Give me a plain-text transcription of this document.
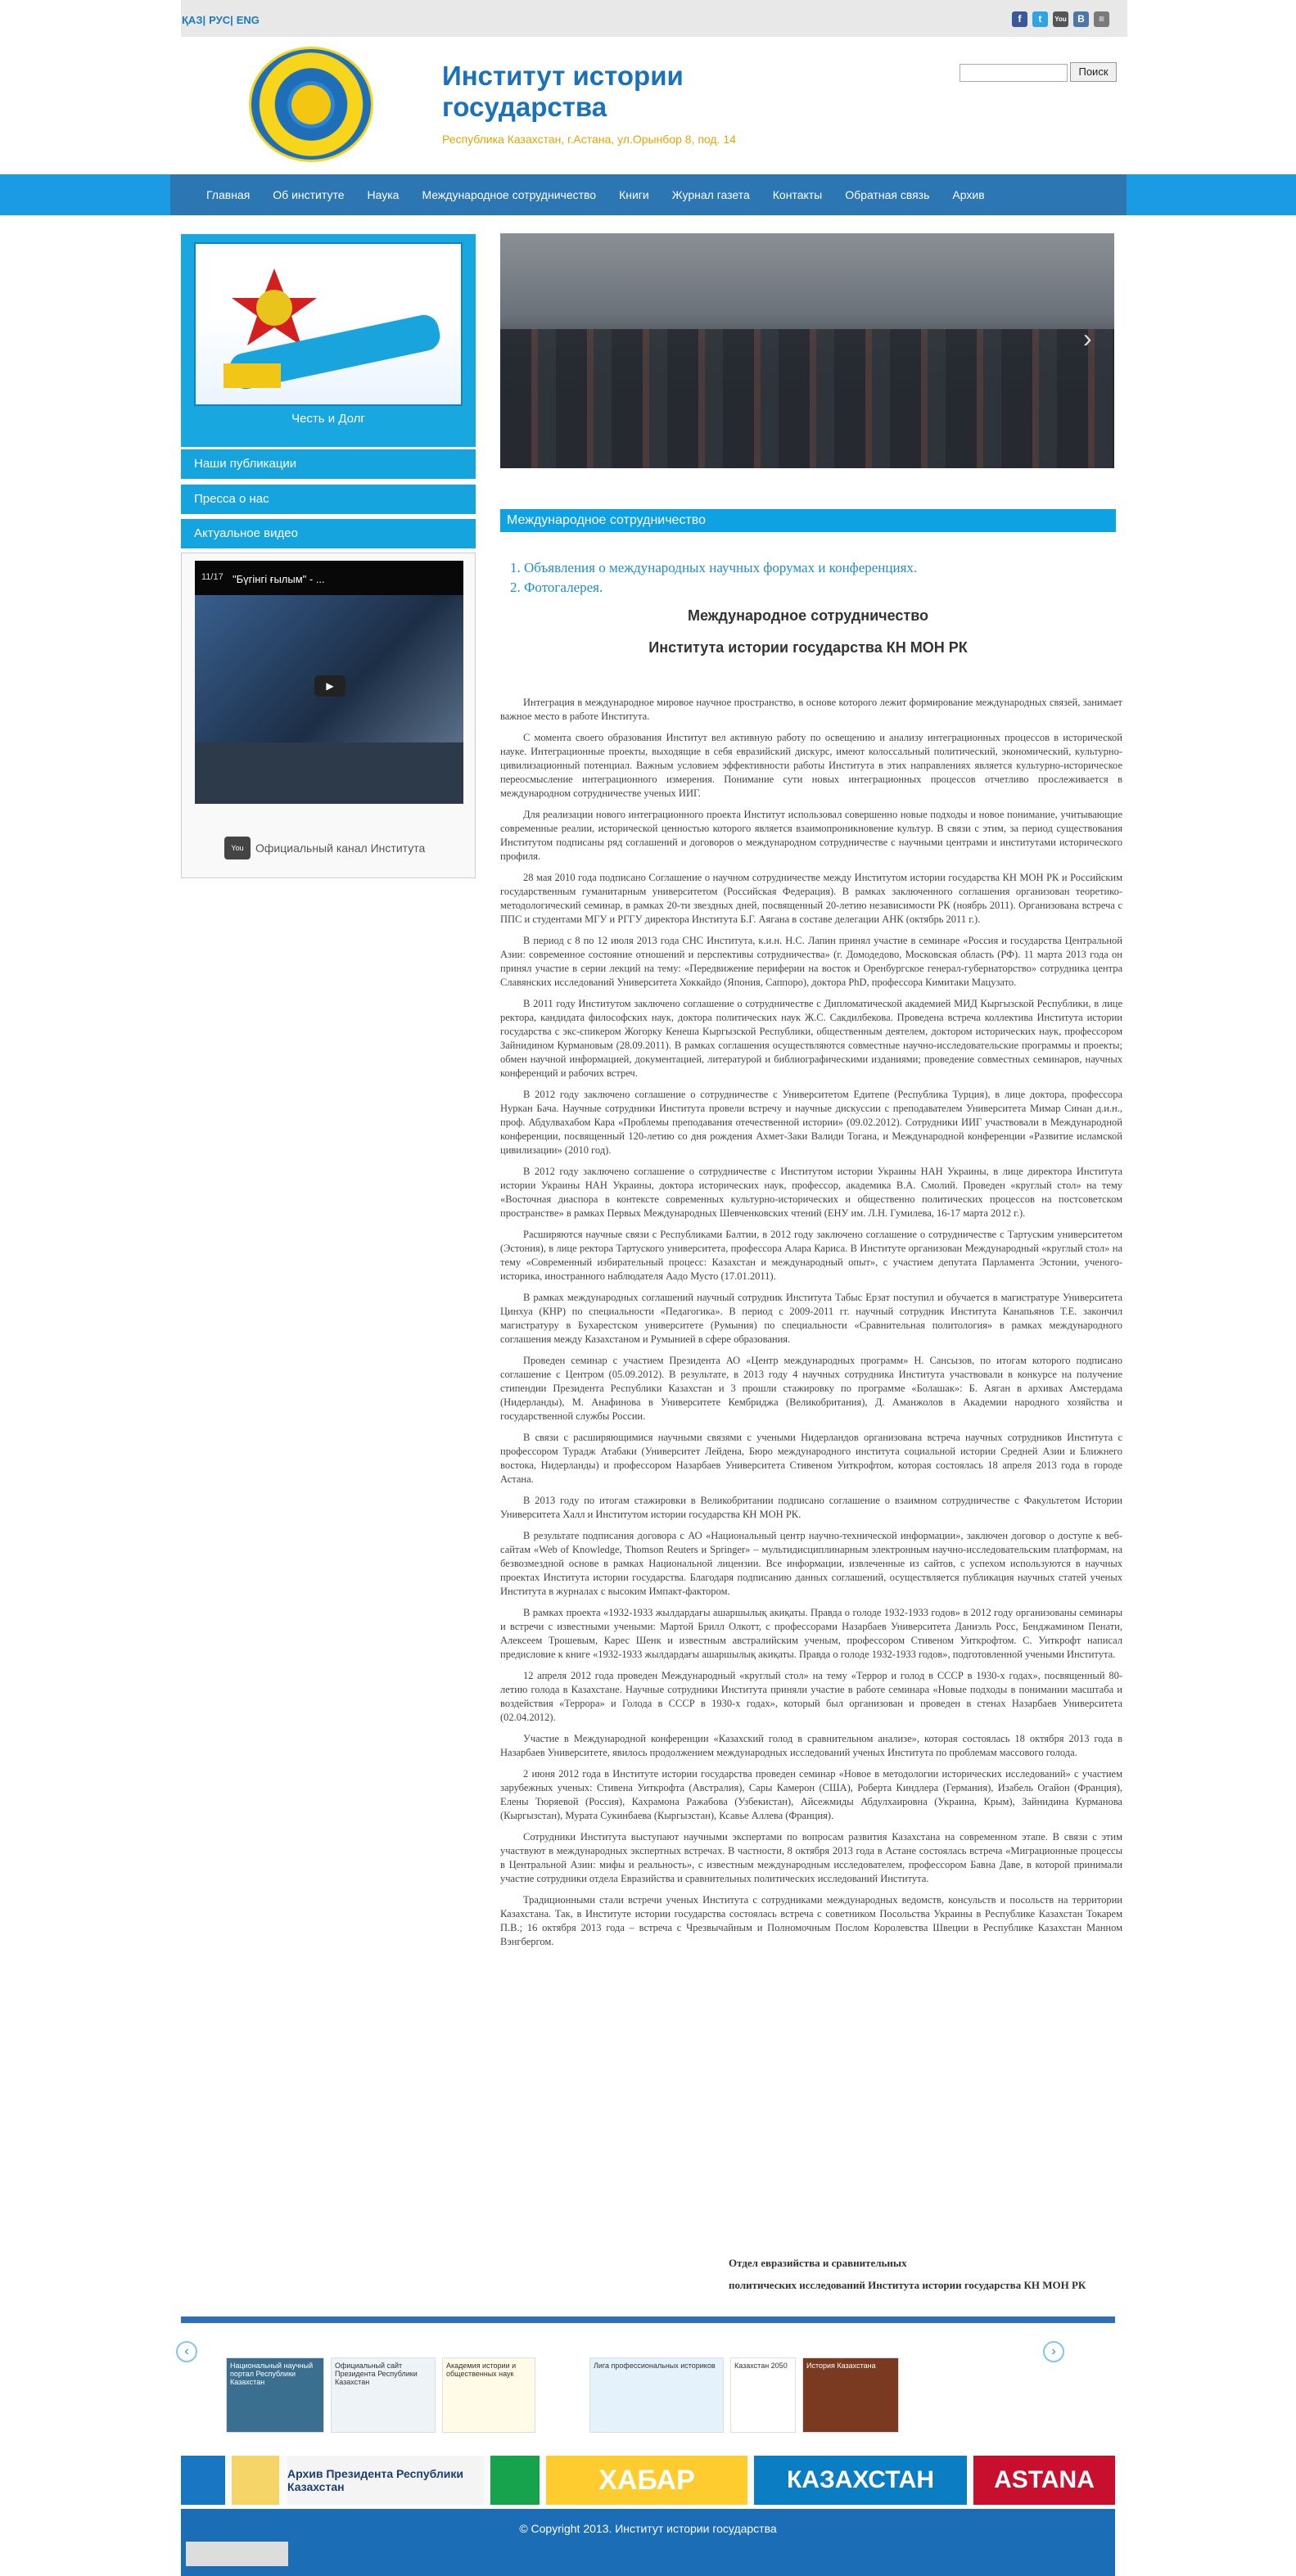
ҚАЗ| РУС| ENG	f	t	You	B	≡
Институт истории государства
Республика Казахстан, г.Астана, ул.Орынбор 8, под. 14
Поиск
Главная Об институте Наука Международное сотрудничество Книги Журнал газета Контакты Обратная связь Архив
Честь и Долг
Наши публикации
Пресса о нас
Актуальное видео
11/17 "Бүгінгі ғылым" - ...
▶
You	Официальный канал Института
›
Международное сотрудничество
1. Объявления о международных научных форумах и конференциях.
2. Фотогалерея.
Международное сотрудничество
Института истории государства КН МОН РК

Интеграция в международное мировое научное пространство, в основе которого лежит формирование международных связей, занимает важное место в работе Института.

С момента своего образования Институт вел активную работу по освещению и анализу интеграционных процессов в исторической науке. Интеграционные проекты, выходящие в себя евразийский дискурс, имеют колоссальный политический, экономический, культурно-цивилизационный потенциал. Важным условием эффективности работы Института в этих направлениях является культурно-историческое переосмысление интеграционного измерения. Понимание сути новых интеграционных процессов отчетливо прослеживается в международном сотрудничестве ученых ИИГ.

Для реализации нового интеграционного проекта Институт использовал совершенно новые подходы и новое понимание, учитывающие современные реалии, исторической ценностью которого является взаимопроникновение культур. В связи с этим, за период существования Институтом подписаны ряд соглашений и договоров о международном сотрудничестве с научными центрами и институтами исторического профиля.

28 мая 2010 года подписано Соглашение о научном сотрудничестве между Институтом истории государства КН МОН РК и Российским государственным гуманитарным университетом (Российская Федерация). В рамках заключенного соглашения организован теоретико-методологический семинар, в рамках 20-ти звездных дней, посвященный 20-летию независимости РК (ноябрь 2011). Организована встреча с ППС и студентами МГУ и РГГУ директора Института Б.Г. Аягана в составе делегации АНК (октябрь 2011 г.).

В период с 8 по 12 июля 2013 года СНС Института, к.и.н. Н.С. Лапин принял участие в семинаре «Россия и государства Центральной Азии: современное состояние отношений и перспективы сотрудничества» (г. Домодедово, Московская область (РФ). 11 марта 2013 года он принял участие в серии лекций на тему: «Передвижение периферии на восток и Оренбургское генерал-губернаторство» сотрудника центра Славянских исследований Университета Хоккайдо (Япония, Саппоро), доктора PhD, профессора Кимитаки Мацузато.

В 2011 году Институтом заключено соглашение о сотрудничестве с Дипломатической академией МИД Кыргызской Республики, в лице ректора, кандидата философских наук, доктора политических наук Ж.С. Сакдилбекова. Проведена встреча коллектива Института истории государства с экс-спикером Жогорку Кенеша Кыргызской Республики, общественным деятелем, доктором исторических наук, профессором Зайнидином Курмановым (28.09.2011). В рамках соглашения осуществляются совместные научно-исследовательские программы и проекты; обмен научной информацией, документацией, литературой и библиографическими изданиями; проведение совместных семинаров, научных конференций и рабочих встреч.

В 2012 году заключено соглашение о сотрудничестве с Университетом Едитепе (Республика Турция), в лице доктора, профессора Нуркан Бача. Научные сотрудники Института провели встречу и научные дискуссии с преподавателем Университета Мимар Синан д.и.н., проф. Абдулвахабом Кара «Проблемы преподавания отечественной истории» (09.02.2012). Сотрудники ИИГ участвовали в Международной конференции, посвященный 120-летию со дня рождения Ахмет-Заки Валиди Тогана, и Международной конференции «Развитие исламской цивилизации» (2010 год).

В 2012 году заключено соглашение о сотрудничестве с Институтом истории Украины НАН Украины, в лице директора Института истории Украины НАН Украины, доктора исторических наук, профессор, академика В.А. Смолий. Проведен «круглый стол» на тему «Восточная диаспора в контексте современных культурно-исторических и общественно политических процессов на постсоветском пространстве» в рамках Первых Международных Шевченковских чтений (ЕНУ им. Л.Н. Гумилева, 16-17 марта 2012 г.).

Расширяются научные связи с Республиками Балтии, в 2012 году заключено соглашение о сотрудничестве с Тартуским университетом (Эстония), в лице ректора Тартуского университета, профессора Алара Кариса. В Институте организован Международный «круглый стол» на тему «Современный избирательный процесс: Казахстан и международный опыт», с участием депутата Парламента Эстонии, ученого-историка, иностранного наблюдателя Аадо Мусто (17.01.2011).

В рамках международных соглашений научный сотрудник Института Табыс Ерзат поступил и обучается в магистратуре Университета Цинхуа (КНР) по специальности «Педагогика». В период с 2009-2011 гг. научный сотрудник Института Канапьянов Т.Е. закончил магистратуру в Бухарестском университете (Румыния) по специальности «Сравнительная политология» в рамках международного соглашения между Казахстаном и Румынией в сфере образования.

Проведен семинар с участием Президента АО «Центр международных программ» Н. Сансызов, по итогам которого подписано соглашение с Центром (05.09.2012). В результате, в 2013 году 4 научных сотрудника Института участвовали в конкурсе на получение стипендии Президента Республики Казахстан и 3 прошли стажировку по программе «Болашак»: Б. Аяган в архивах Амстердама (Нидерланды), М. Анафинова в Университете Кембриджа (Великобритания), Д. Аманжолов в Академии народного хозяйства и государственной службы России.

В связи с расширяющимися научными связями с учеными Нидерландов организована встреча научных сотрудников Института с профессором Турадж Атабаки (Университет Лейдена, Бюро международного института социальной истории Средней Азии и Ближнего востока, Нидерланды) и профессором Назарбаев Университета Стивеном Уиткрофтом, которая состоялась 18 апреля 2013 года в городе Астана.

В 2013 году по итогам стажировки в Великобритании подписано соглашение о взаимном сотрудничестве с Факультетом Истории Университета Халл и Институтом истории государства КН МОН РК.

В результате подписания договора с АО «Национальный центр научно-технической информации», заключен договор о доступе к веб-сайтам «Web of Knowledge, Thomson Reuters и Springer» – мультидисциплинарным электронным научно-исследовательским платформам, на безвозмездной основе в рамках Национальной лицензии. Все информации, извлеченные из сайтов, с успехом используются в научных проектах Института истории государства. Благодаря подписанию данных соглашений, осуществляется публикация научных статей ученых Института в журналах с высоким Импакт-фактором.

В рамках проекта «1932-1933 жылдардағы ашаршылық акиқаты. Правда о голоде 1932-1933 годов» в 2012 году организованы семинары и встречи с известными учеными: Мартой Брилл Олкотт, с профессорами Назарбаев Университета Даниэль Росс, Бенджамином Пенати, Алексеем Трошевым, Карес Шенк и известным австралийским ученым, профессором Стивеном Уиткрофтом. С. Уиткрофт написал предисловие к книге «1932-1933 жылдардағы ашаршылық акиқаты. Правда о голоде 1932-1933 годов», подготовленной учеными Института.

12 апреля 2012 года проведен Международный «круглый стол» на тему «Террор и голод в СССР в 1930-х годах», посвященный 80-летию голода в Казахстане. Научные сотрудники Института приняли участие в работе семинара «Новые подходы в понимании масштаба и воздействия «Террора» и Голода в СССР в 1930-х годах», который был организован и проведен в стенах Назарбаев Университета (02.04.2012).

Участие в Международной конференции «Казахский голод в сравнительном анализе», которая состоялась 18 октября 2013 года в Назарбаев Университете, явилось продолжением международных исследований ученых Института по проблемам массового голода.

2 июня 2012 года в Институте истории государства проведен семинар «Новое в методологии исторических исследований» с участием зарубежных ученых: Стивена Уиткрофта (Австралия), Сары Камерон (США), Роберта Киндлера (Германия), Изабель Огайон (Франция), Елены Тюряевой (Россия), Кахрамона Ражабова (Узбекистан), Айсежмиды Абдулхаировна (Украина, Крым), Зайнидина Курманова (Кыргызстан), Мурата Сукинбаева (Кыргызстан), Ксавье Аллева (Франция).

Сотрудники Института выступают научными экспертами по вопросам развития Казахстана на современном этапе. В связи с этим участвуют в международных экспертных встречах. В частности, 8 октября 2013 года в Астане состоялась встреча «Миграционные процессы в Центральной Азии: мифы и реальность», с известным международным исследователем, профессором Бавна Даве, в которой принимали участие сотрудники отдела Евразийства и сравнительных политических исследований Института.

Традиционными стали встречи ученых Института с сотрудниками международных ведомств, консульств и посольств на территории Казахстана. Так, в Институте истории государства состоялась встреча с советником Посольства Украины в Республике Казахстан Токарем П.В.; 16 октября 2013 года – встреча с Чрезвычайным и Полномочным Послом Королевства Швеции в Республике Казахстан Манном Вэнгбергом.

Отдел евразийства и сравнительных
политических исследований Института истории государства КН МОН РК
‹	›
Национальный научный портал Республики Казахстан
Официальный сайт Президента Республики Казахстан
Академия истории и общественных наук
Лига профессиональных историков	Казахстан 2050	История Казахстана
Архив Президента Республики Казахстан	ХАБАР	КАЗАХСТАН	ASTANA
© Copyright 2013. Институт истории государства
